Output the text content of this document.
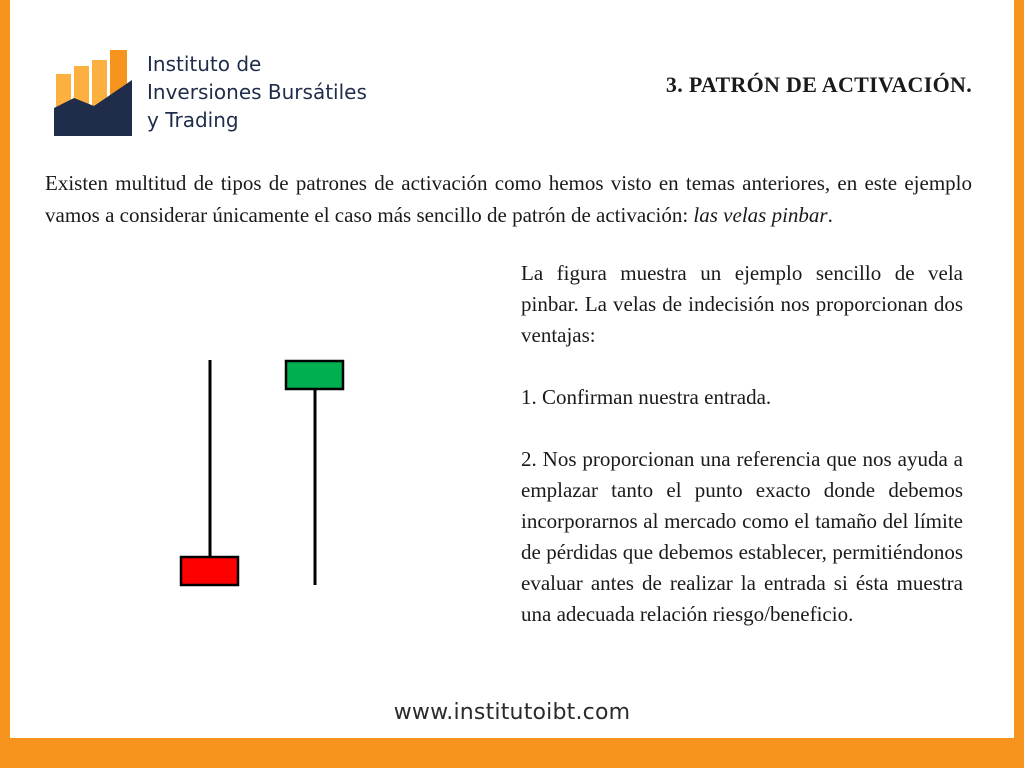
Instituto de
Inversiones Bursátiles
y Trading
3. PATRÓN DE ACTIVACIÓN.
Existen multitud de tipos de patrones de activación como hemos visto en temas anteriores, en este ejemplo vamos a considerar únicamente el caso más sencillo de patrón de activación: las velas pinbar.

La figura muestra un ejemplo sencillo de vela pinbar. La velas de indecisión nos proporcionan dos ventajas:

1. Confirman nuestra entrada.

2. Nos proporcionan una referencia que nos ayuda a emplazar tanto el punto exacto donde debemos incorporarnos al mercado como el tamaño del límite de pérdidas que debemos establecer, permitiéndonos evaluar antes de realizar la entrada si ésta muestra una adecuada relación riesgo/beneficio.

www.institutoibt.com
